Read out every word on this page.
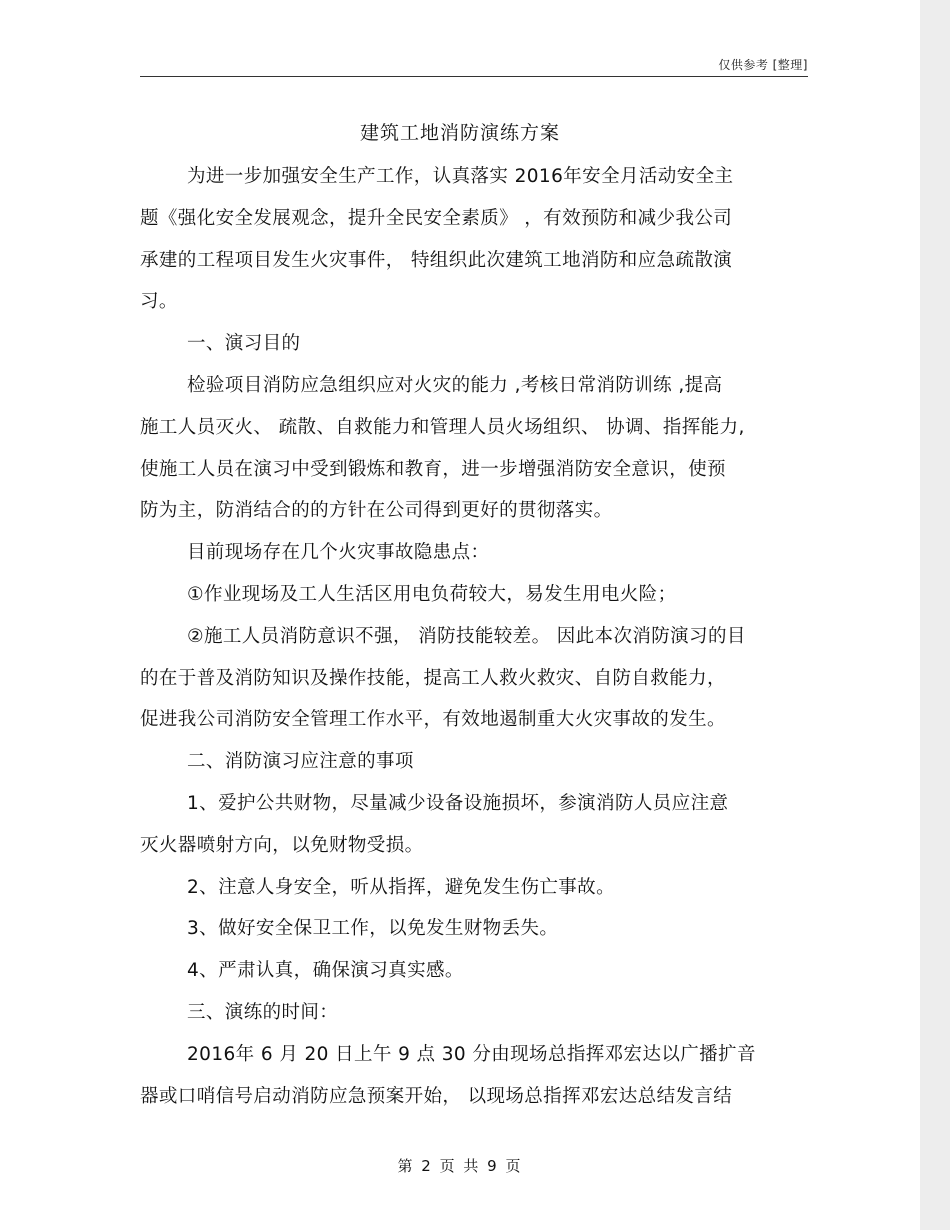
仅供参考 [整理]
建筑工地消防演练方案

为进一步加强安全生产工作，认真落实 2016年安全月活动安全主

题《强化安全发展观念，提升全民安全素质》 ，有效预防和减少我公司

承建的工程项目发生火灾事件， 特组织此次建筑工地消防和应急疏散演

习。

一、演习目的

检验项目消防应急组织应对火灾的能力 ,考核日常消防训练 ,提高

施工人员灭火、 疏散、自救能力和管理人员火场组织、 协调、指挥能力,

使施工人员在演习中受到锻炼和教育，进一步增强消防安全意识，使预

防为主，防消结合的的方针在公司得到更好的贯彻落实。

目前现场存在几个火灾事故隐患点：

①作业现场及工人生活区用电负荷较大，易发生用电火险；

②施工人员消防意识不强， 消防技能较差。 因此本次消防演习的目

的在于普及消防知识及操作技能，提高工人救火救灾、自防自救能力，

促进我公司消防安全管理工作水平，有效地遏制重大火灾事故的发生。

二、消防演习应注意的事项

1、爱护公共财物，尽量减少设备设施损坏，参演消防人员应注意

灭火器喷射方向，以免财物受损。

2、注意人身安全，听从指挥，避免发生伤亡事故。

3、做好安全保卫工作，以免发生财物丢失。

4、严肃认真，确保演习真实感。

三、演练的时间：

2016年 6 月 20 日上午 9 点 30 分由现场总指挥邓宏达以广播扩音

器或口哨信号启动消防应急预案开始， 以现场总指挥邓宏达总结发言结

第 2 页 共 9 页
